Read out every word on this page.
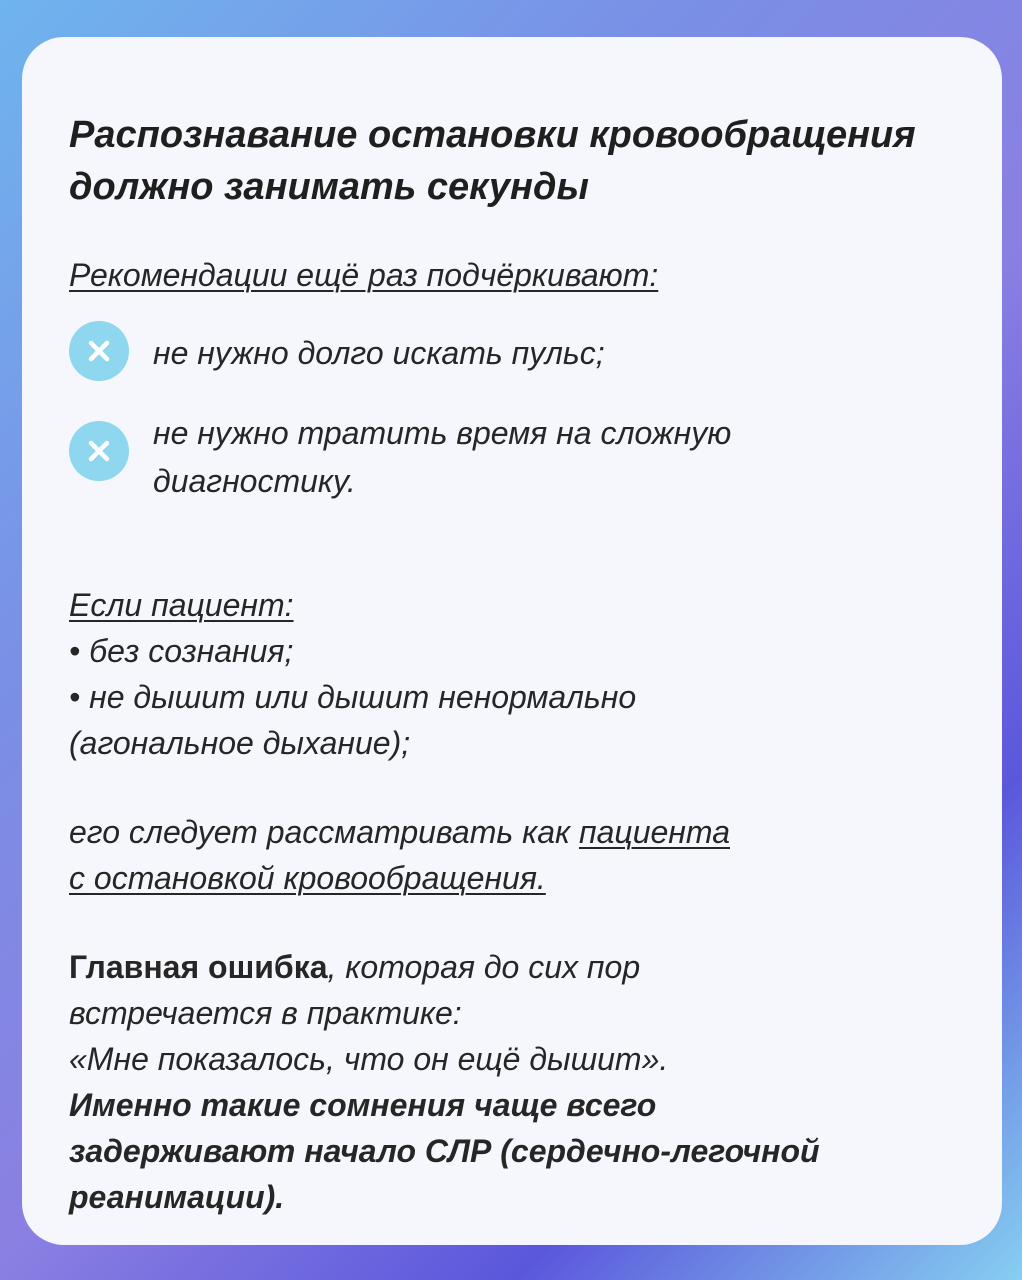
Распознавание остановки кровообращения
должно занимать секунды

Рекомендации ещё раз подчёркивают:

не нужно долго искать пульс;

не нужно тратить время на сложную
диагностику.

Если пациент:
• без сознания;
• не дышит или дышит ненормально
(агональное дыхание);

его следует рассматривать как пациента
с остановкой кровообращения.

Главная ошибка, которая до сих пор
встречается в практике:
«Мне показалось, что он ещё дышит».
Именно такие сомнения чаще всего
задерживают начало СЛР (сердечно-легочной
реанимации).
